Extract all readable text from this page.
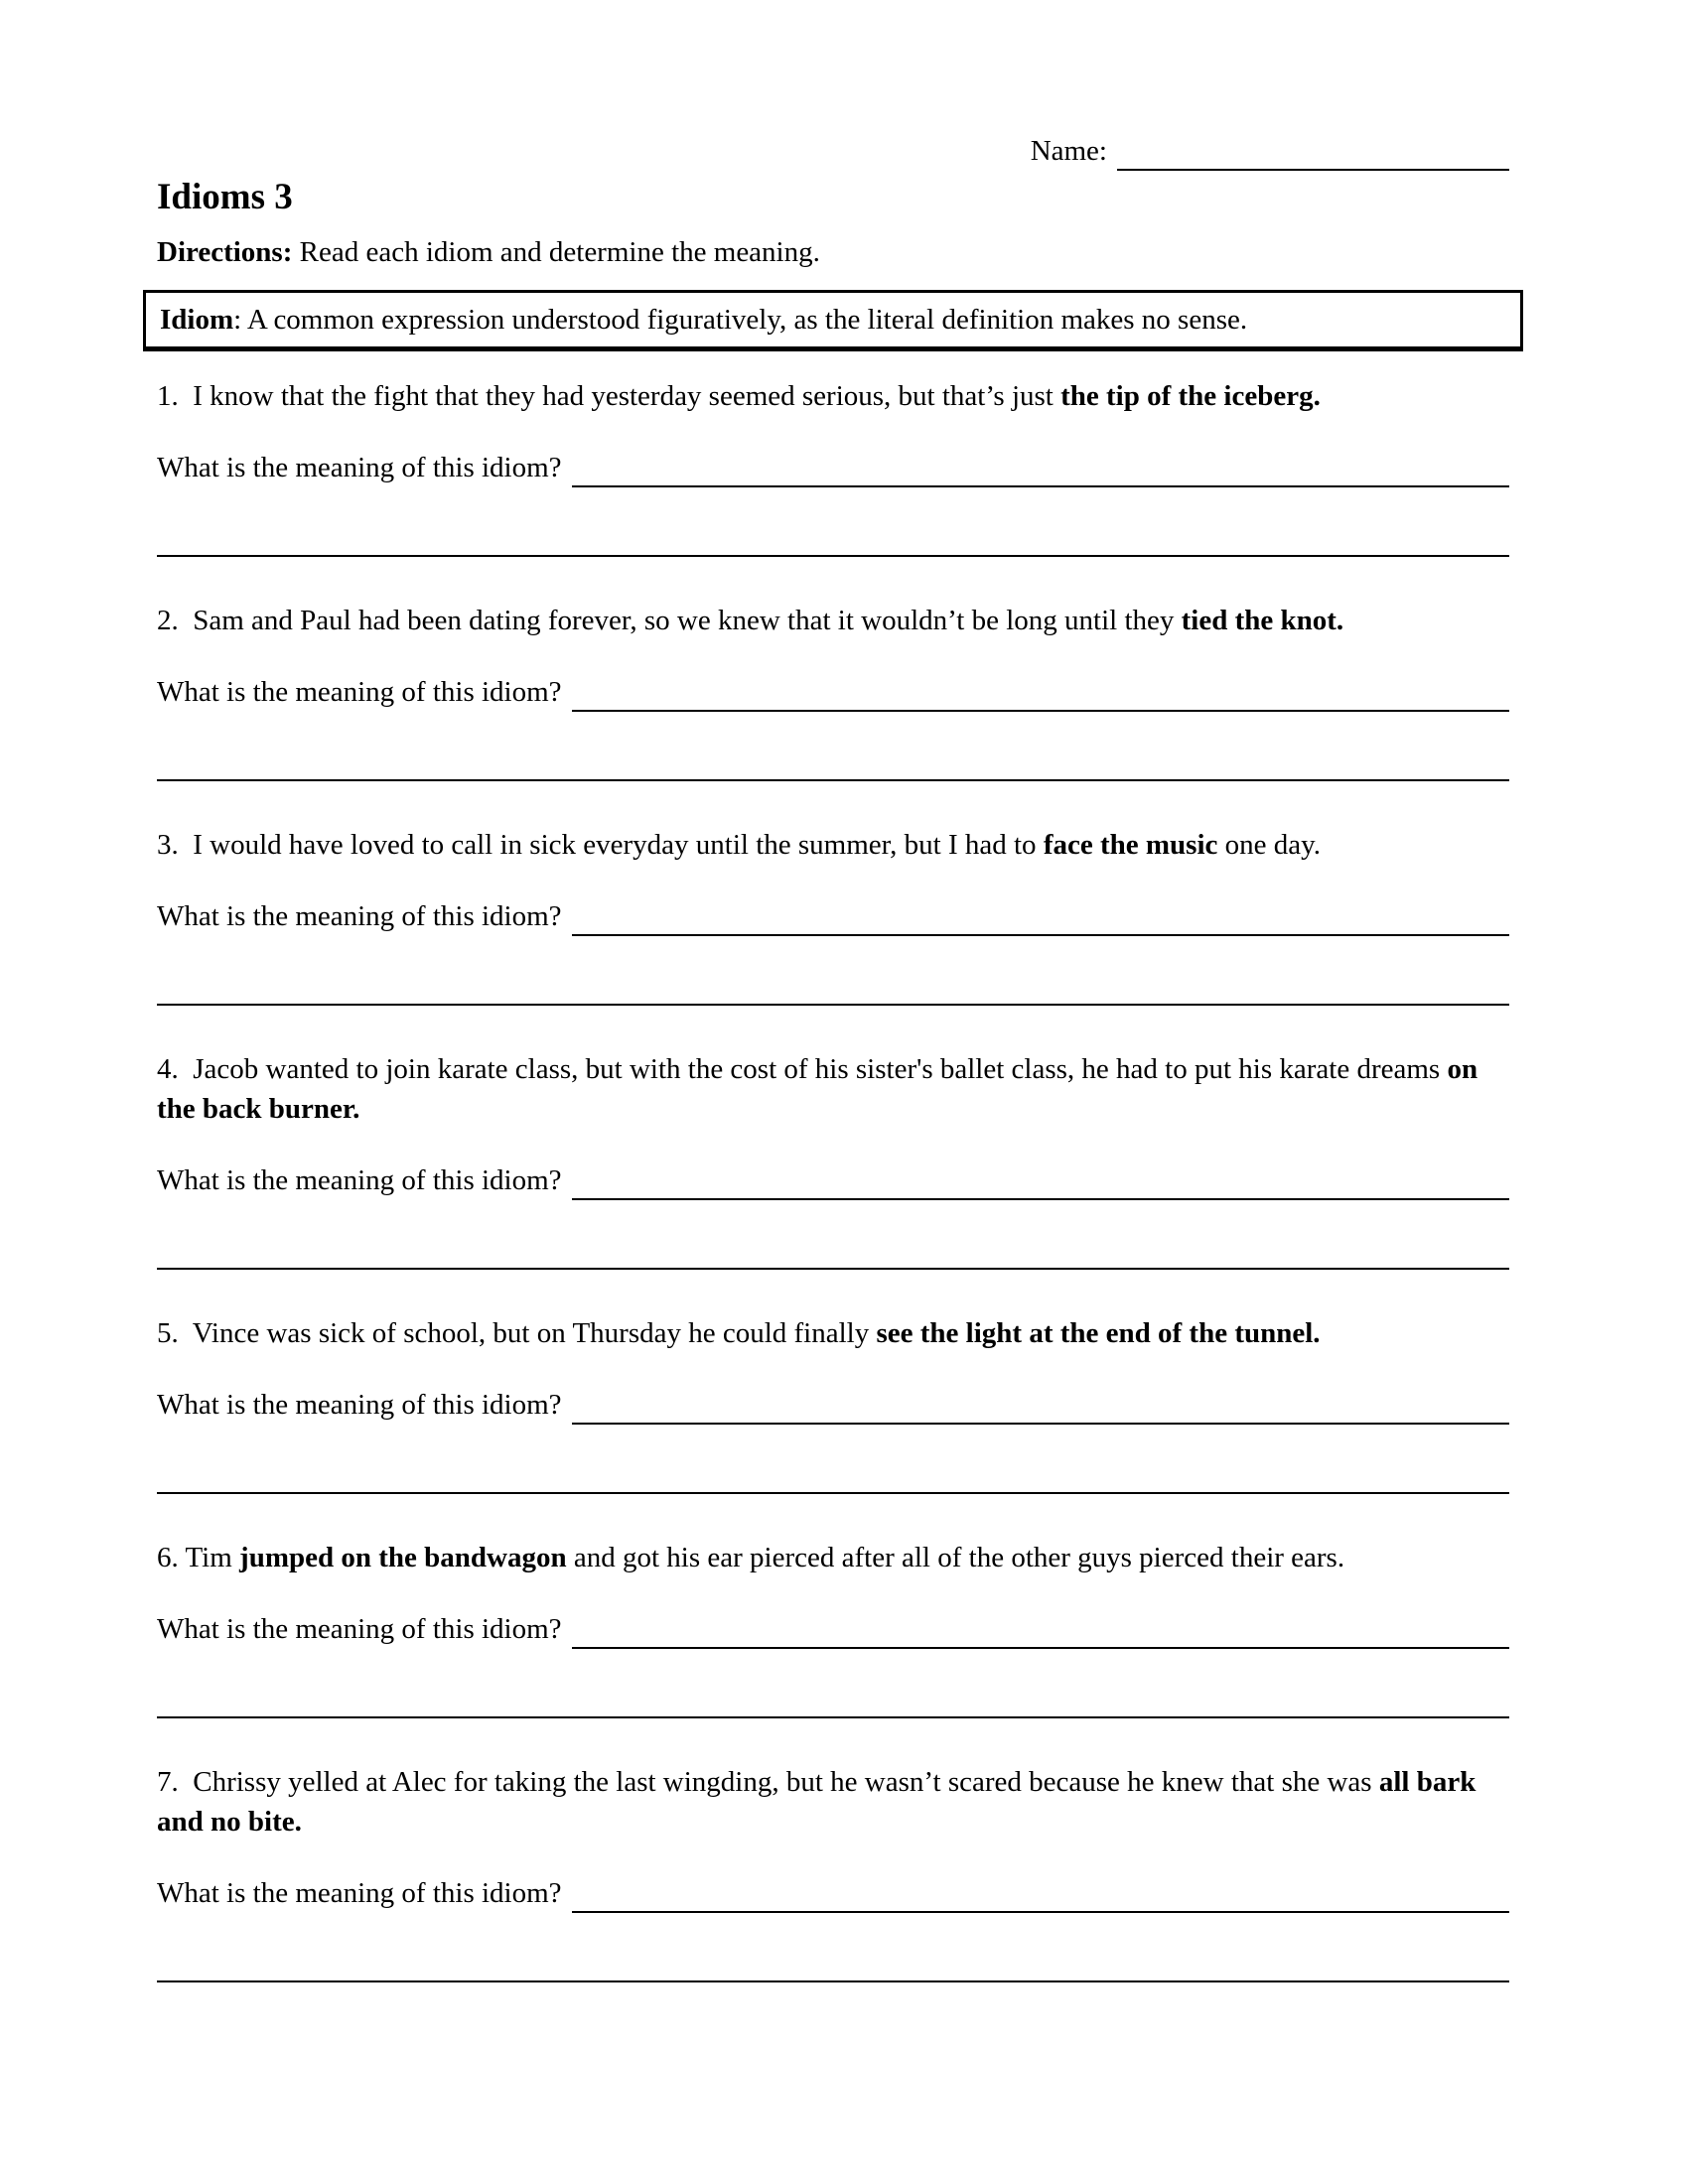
Name:
Idioms 3

Directions: Read each idiom and determine the meaning.

Idiom: A common expression understood figuratively, as the literal definition makes no sense.

1.  I know that the fight that they had yesterday seemed serious, but that’s just the tip of the iceberg.

What is the meaning of this idiom?

2.  Sam and Paul had been dating forever, so we knew that it wouldn’t be long until they tied the knot.

What is the meaning of this idiom?

3.  I would have loved to call in sick everyday until the summer, but I had to face the music one day.

What is the meaning of this idiom?

4.  Jacob wanted to join karate class, but with the cost of his sister's ballet class, he had to put his karate dreams on the back burner.

What is the meaning of this idiom?

5.  Vince was sick of school, but on Thursday he could finally see the light at the end of the tunnel.

What is the meaning of this idiom?

6. Tim jumped on the bandwagon and got his ear pierced after all of the other guys pierced their ears.

What is the meaning of this idiom?

7.  Chrissy yelled at Alec for taking the last wingding, but he wasn’t scared because he knew that she was all bark and no bite.

What is the meaning of this idiom?
